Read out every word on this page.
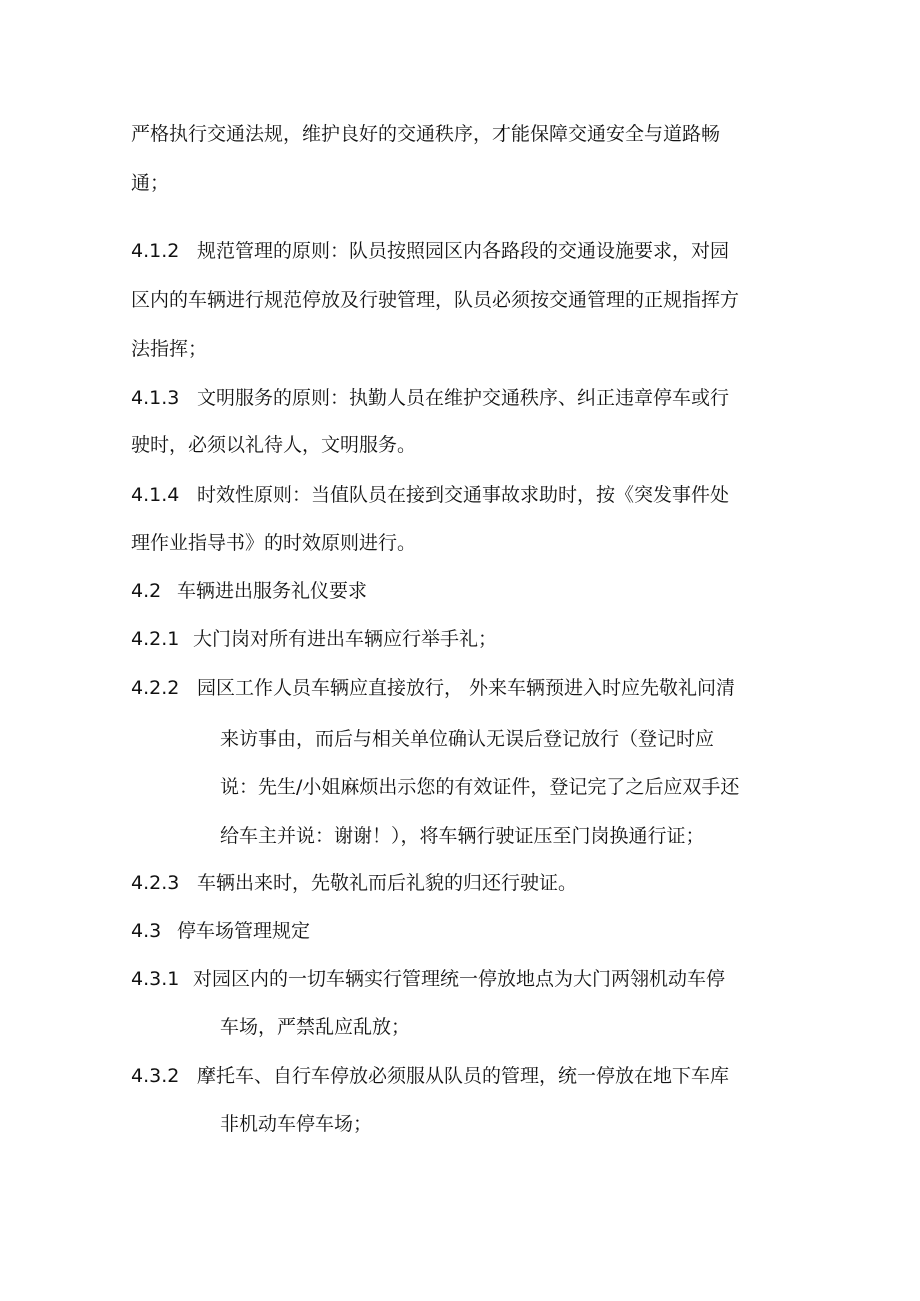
严格执行交通法规，维护良好的交通秩序，才能保障交通安全与道路畅
通；
4.1.2 规范管理的原则：队员按照园区内各路段的交通设施要求，对园
区内的车辆进行规范停放及行驶管理，队员必须按交通管理的正规指挥方
法指挥；
4.1.3 文明服务的原则：执勤人员在维护交通秩序、纠正违章停车或行
驶时，必须以礼待人，文明服务。
4.1.4 时效性原则：当值队员在接到交通事故求助时，按《突发事件处
理作业指导书》的时效原则进行。
4.2 车辆进出服务礼仪要求
4.2.1 大门岗对所有进出车辆应行举手礼；
4.2.2 园区工作人员车辆应直接放行， 外来车辆预进入时应先敬礼问清
来访事由，而后与相关单位确认无误后登记放行（登记时应
说：先生/小姐麻烦出示您的有效证件，登记完了之后应双手还
给车主并说：谢谢！），将车辆行驶证压至门岗换通行证；
4.2.3 车辆出来时，先敬礼而后礼貌的归还行驶证。
4.3 停车场管理规定
4.3.1 对园区内的一切车辆实行管理统一停放地点为大门两翎机动车停
车场，严禁乱应乱放；
4.3.2 摩托车、自行车停放必须服从队员的管理，统一停放在地下车库
非机动车停车场；
